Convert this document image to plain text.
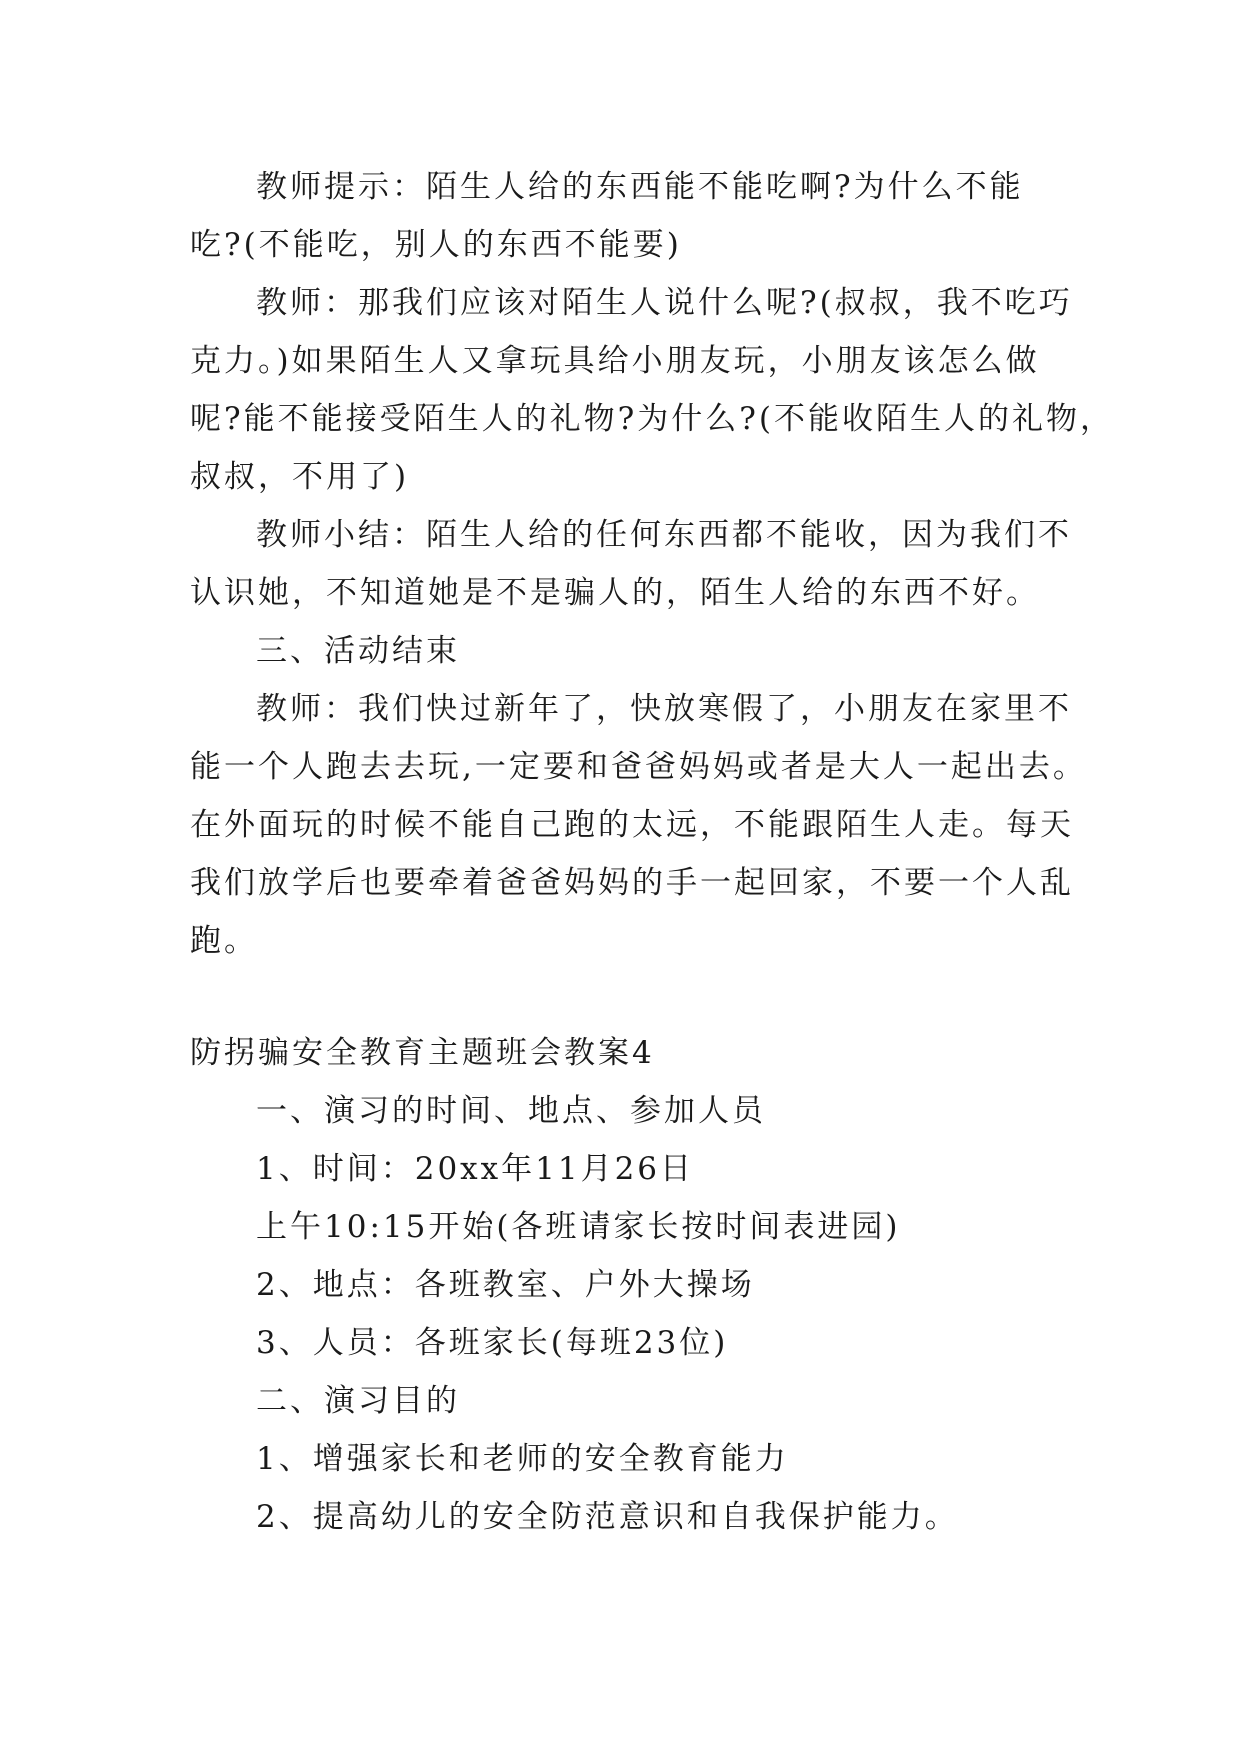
教师提示：陌生人给的东西能不能吃啊?为什么不能
吃?(不能吃，别人的东西不能要)
教师：那我们应该对陌生人说什么呢?(叔叔，我不吃巧
克力。)如果陌生人又拿玩具给小朋友玩，小朋友该怎么做
呢?能不能接受陌生人的礼物?为什么?(不能收陌生人的礼物，
叔叔，不用了)
教师小结：陌生人给的任何东西都不能收，因为我们不
认识她，不知道她是不是骗人的，陌生人给的东西不好。
三、活动结束
教师：我们快过新年了，快放寒假了，小朋友在家里不
能一个人跑去去玩,一定要和爸爸妈妈或者是大人一起出去。
在外面玩的时候不能自己跑的太远，不能跟陌生人走。每天
我们放学后也要牵着爸爸妈妈的手一起回家，不要一个人乱
跑。
防拐骗安全教育主题班会教案4
一、演习的时间、地点、参加人员
1、时间：20xx年11月26日
上午10:15开始(各班请家长按时间表进园)
2、地点：各班教室、户外大操场
3、人员：各班家长(每班23位)
二、演习目的
1、增强家长和老师的安全教育能力
2、提高幼儿的安全防范意识和自我保护能力。
